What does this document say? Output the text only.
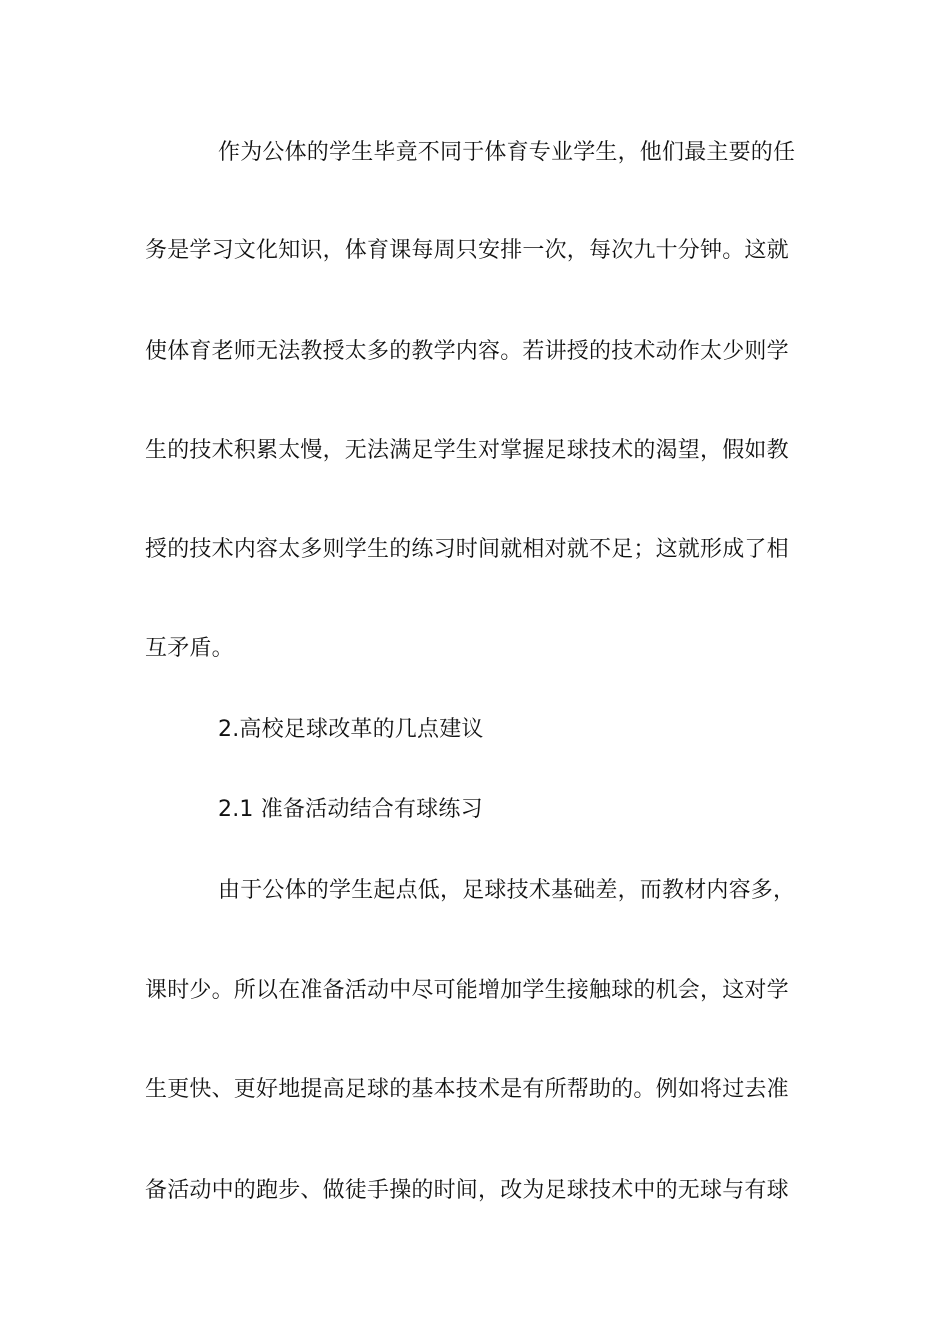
作为公体的学生毕竟不同于体育专业学生，他们最主要的任
务是学习文化知识，体育课每周只安排一次，每次九十分钟。这就
使体育老师无法教授太多的教学内容。若讲授的技术动作太少则学
生的技术积累太慢，无法满足学生对掌握足球技术的渴望，假如教
授的技术内容太多则学生的练习时间就相对就不足；这就形成了相
互矛盾。
2.高校足球改革的几点建议
2.1 准备活动结合有球练习
由于公体的学生起点低，足球技术基础差，而教材内容多，
课时少。所以在准备活动中尽可能增加学生接触球的机会，这对学
生更快、更好地提高足球的基本技术是有所帮助的。例如将过去准
备活动中的跑步、做徒手操的时间，改为足球技术中的无球与有球
